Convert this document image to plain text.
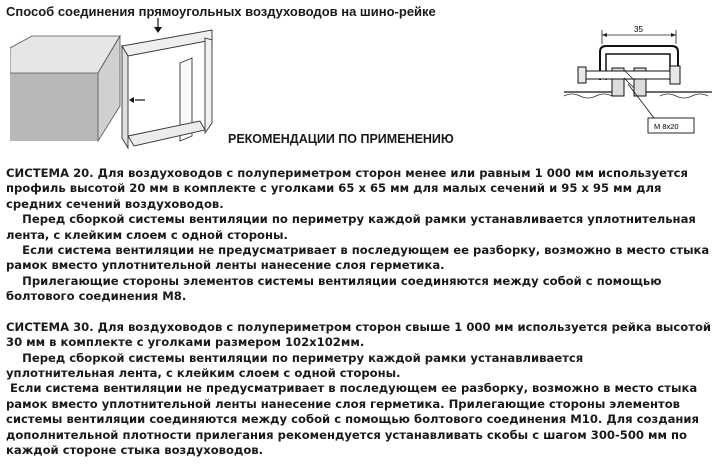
Способ соединения прямоугольных воздуховодов на шино-рейке
35
М 8х20
РЕКОМЕНДАЦИИ ПО ПРИМЕНЕНИЮ
СИСТЕМА 20. Для воздуховодов с полупериметром сторон менее или равным 1 000 мм используется
профиль высотой 20 мм в комплекте с уголками 65 х 65 мм для малых сечений и 95 х 95 мм для
средних сечений воздуховодов.
Перед сборкой системы вентиляции по периметру каждой рамки устанавливается уплотнительная
лента, с клейким слоем с одной стороны.
Если система вентиляции не предусматривает в последующем ее разборку, возможно в место стыка
рамок вместо уплотнительной ленты нанесение слоя герметика.
Прилегающие стороны элементов системы вентиляции соединяются между собой с помощью
болтового соединения М8.
СИСТЕМА 30. Для воздуховодов с полупериметром сторон свыше 1 000 мм используется рейка высотой
30 мм в комплекте с уголками размером 102х102мм.
Перед сборкой системы вентиляции по периметру каждой рамки устанавливается
уплотнительная лента, с клейким слоем с одной стороны.
Если система вентиляции не предусматривает в последующем ее разборку, возможно в место стыка
рамок вместо уплотнительной ленты нанесение слоя герметика. Прилегающие стороны элементов
системы вентиляции соединяются между собой с помощью болтового соединения М10. Для создания
дополнительной плотности прилегания рекомендуется устанавливать скобы с шагом 300-500 мм по
каждой стороне стыка воздуховодов.
